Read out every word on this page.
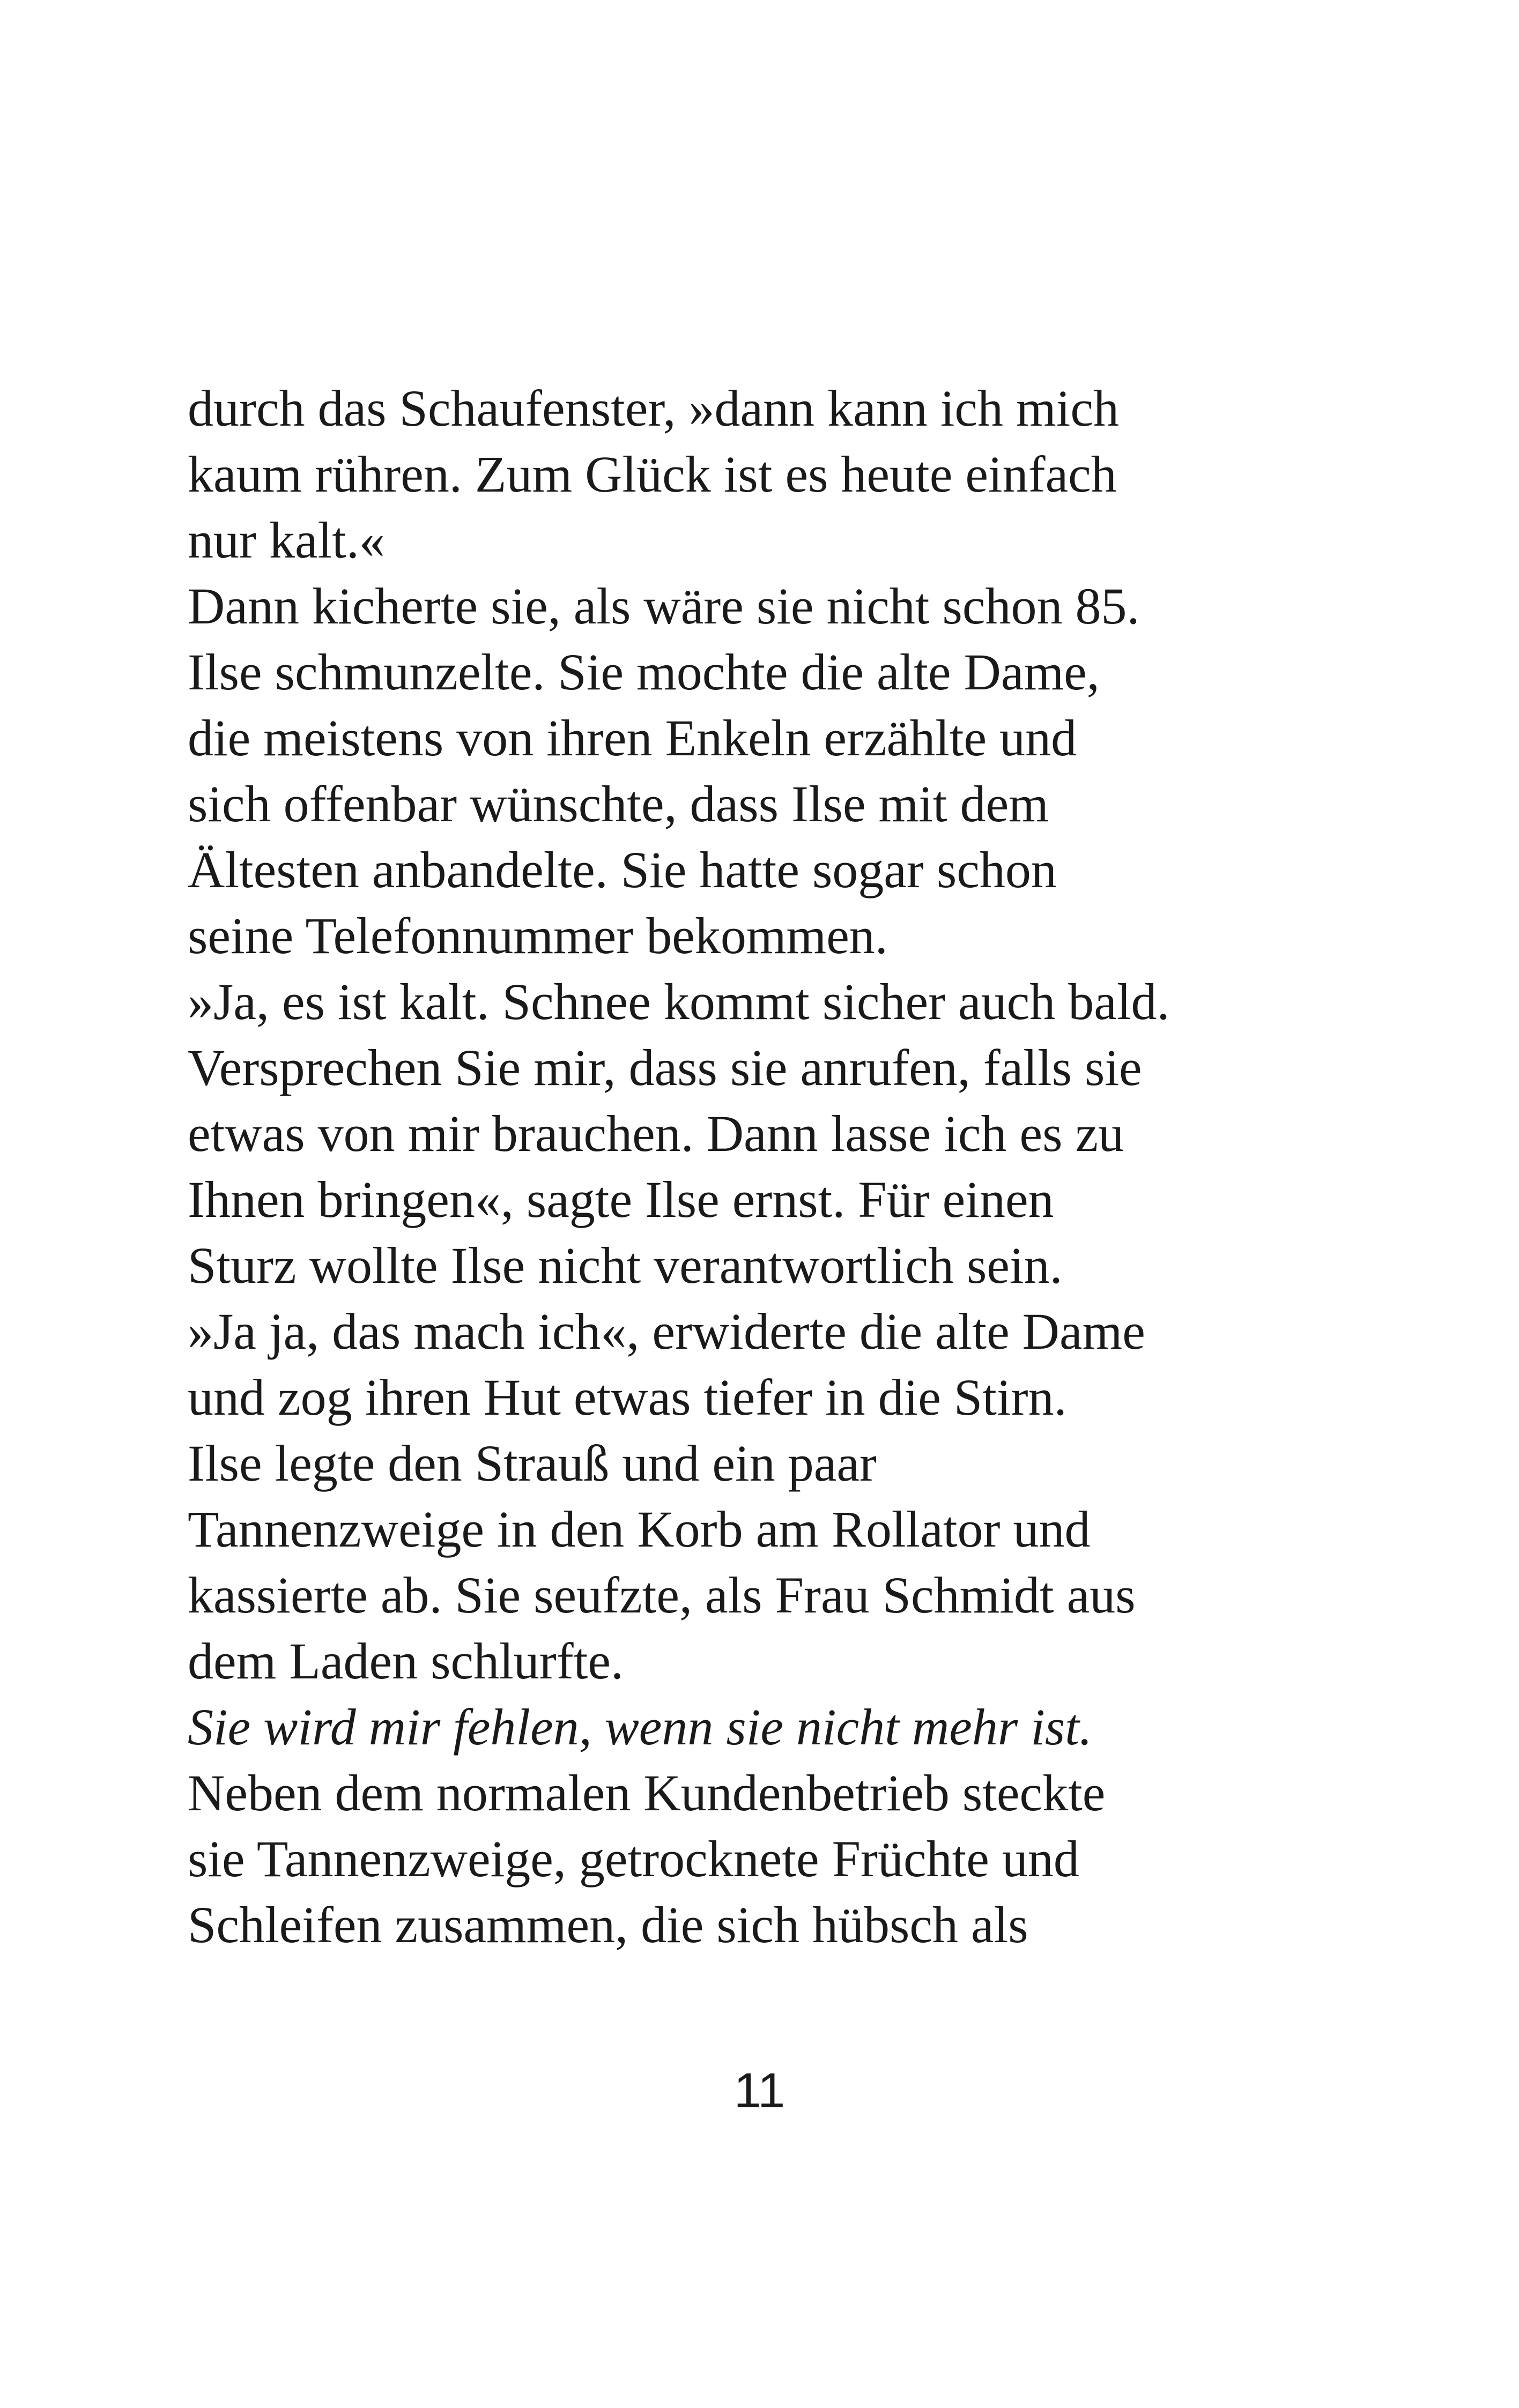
durch das Schaufenster, »dann kann ich mich
kaum rühren. Zum Glück ist es heute einfach
nur kalt.«
Dann kicherte sie, als wäre sie nicht schon 85.
Ilse schmunzelte. Sie mochte die alte Dame,
die meistens von ihren Enkeln erzählte und
sich offenbar wünschte, dass Ilse mit dem
Ältesten anbandelte. Sie hatte sogar schon
seine Telefonnummer bekommen.
»Ja, es ist kalt. Schnee kommt sicher auch bald.
Versprechen Sie mir, dass sie anrufen, falls sie
etwas von mir brauchen. Dann lasse ich es zu
Ihnen bringen«, sagte Ilse ernst. Für einen
Sturz wollte Ilse nicht verantwortlich sein.
»Ja ja, das mach ich«, erwiderte die alte Dame
und zog ihren Hut etwas tiefer in die Stirn.
Ilse legte den Strauß und ein paar
Tannenzweige in den Korb am Rollator und
kassierte ab. Sie seufzte, als Frau Schmidt aus
dem Laden schlurfte.
Sie wird mir fehlen, wenn sie nicht mehr ist.
Neben dem normalen Kundenbetrieb steckte
sie Tannenzweige, getrocknete Früchte und
Schleifen zusammen, die sich hübsch als
11
